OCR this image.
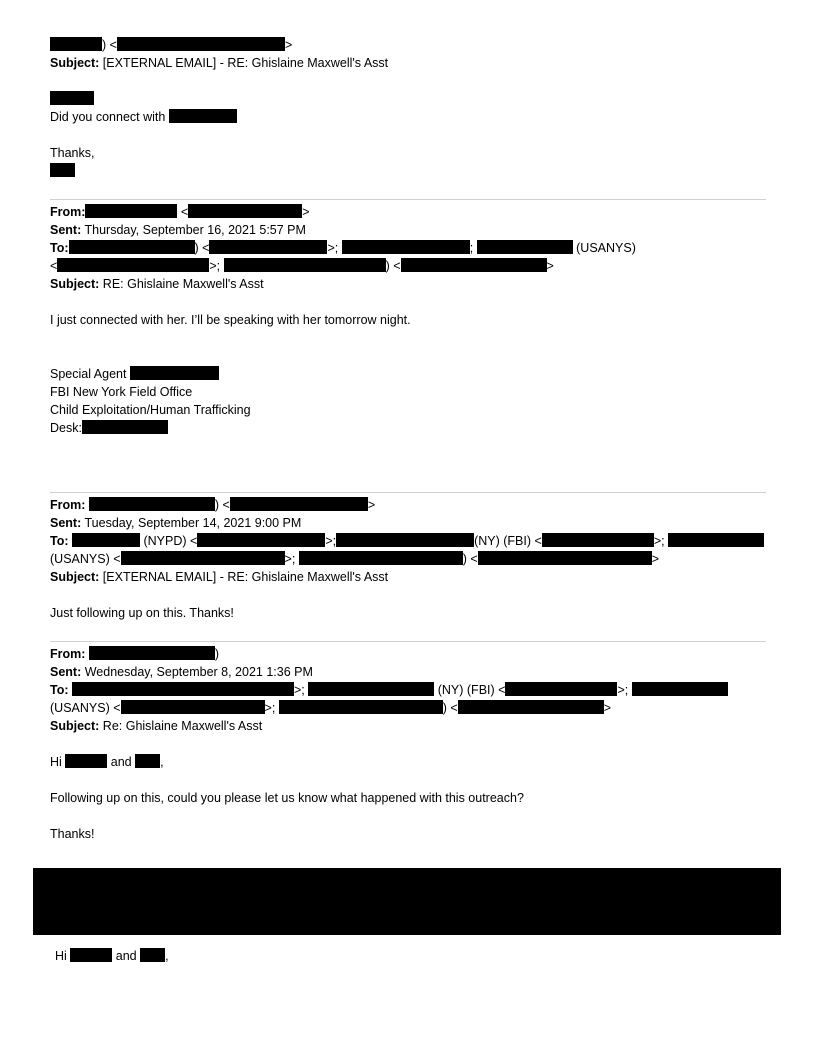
) <	>
Subject: [EXTERNAL EMAIL] - RE: Ghislaine Maxwell's Asst
Did you connect with
Thanks,
From:	<	>
Sent: Thursday, September 16, 2021 5:57 PM
To:	) <	>;	;	(USANYS)
<	>;	) <	>
Subject: RE: Ghislaine Maxwell's Asst
I just connected with her. I’ll be speaking with her tomorrow night.
Special Agent
FBI New York Field Office
Child Exploitation/Human Trafficking
Desk:
From:	) <	>
Sent: Tuesday, September 14, 2021 9:00 PM
To:	(NYPD) <	>;	(NY) (FBI) <	>;
(USANYS) <	>;	) <	>
Subject: [EXTERNAL EMAIL] - RE: Ghislaine Maxwell's Asst
Just following up on this. Thanks!
From:	)
Sent: Wednesday, September 8, 2021 1:36 PM
To:	>;	(NY) (FBI) <	>;
(USANYS) <	>;	) <	>
Subject: Re: Ghislaine Maxwell's Asst
Hi	and ,
Following up on this, could you please let us know what happened with this outreach?
Thanks!
Hi	and ,
